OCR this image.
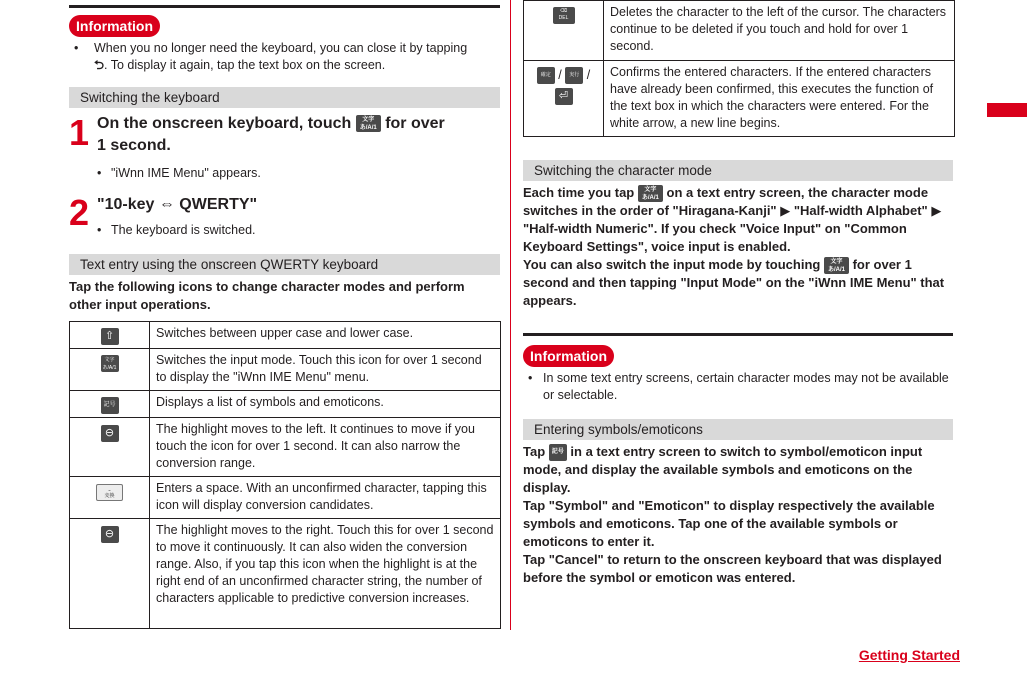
Information
• When you no longer need the keyboard, you can close it by tapping
⮌. To display it again, tap the text box on the screen.
Switching the keyboard
1 On the onscreen keyboard, touch 文字
あ/A/1 for over
1 second.
• "iWnn IME Menu" appears.
2 "10-key ⇔ QWERTY"
• The keyboard is switched.
Text entry using the onscreen QWERTY keyboard
Tap the following icons to change character modes and perform other input operations.
⇧	Switches between upper case and lower case.
文字
あ/A/1	Switches the input mode. Touch this icon for over 1 second to display the "iWnn IME Menu" menu.
記号	Displays a list of symbols and emoticons.
⊖	The highlight moves to the left. It continues to move if you touch the icon for over 1 second. It can also narrow the conversion range.
⎵
変換	Enters a space. With an unconfirmed character, tapping this icon will display conversion candidates.
⊖	The highlight moves to the right. Touch this for over 1 second to move it continuously. It can also widen the conversion range. Also, if you tap this icon when the highlight is at the right end of an unconfirmed character string, the number of characters applicable to predictive conversion increases.
⌫
DEL	Deletes the character to the left of the cursor. The characters continue to be deleted if you touch and hold for over 1 second.
確定 / 実行 /
⏎	Confirms the entered characters. If the entered characters have already been confirmed, this executes the function of the text box in which the characters were entered. For the white arrow, a new line begins.
Switching the character mode
Each time you tap 文字
あ/A/1 on a text entry screen, the character mode switches in the order of "Hiragana-Kanji" ▶ "Half-width Alphabet" ▶ "Half-width Numeric". If you check "Voice Input" on "Common Keyboard Settings", voice input is enabled.
You can also switch the input mode by touching 文字
あ/A/1 for over 1 second and then tapping "Input Mode" on the "iWnn IME Menu" that appears.
Information
• In some text entry screens, certain character modes may not be available or selectable.
Entering symbols/emoticons
Tap 記号 in a text entry screen to switch to symbol/emoticon input mode, and display the available symbols and emoticons on the display.
Tap "Symbol" and "Emoticon" to display respectively the available symbols and emoticons. Tap one of the available symbols or emoticons to enter it.
Tap "Cancel" to return to the onscreen keyboard that was displayed before the symbol or emoticon was entered.
Getting Started
